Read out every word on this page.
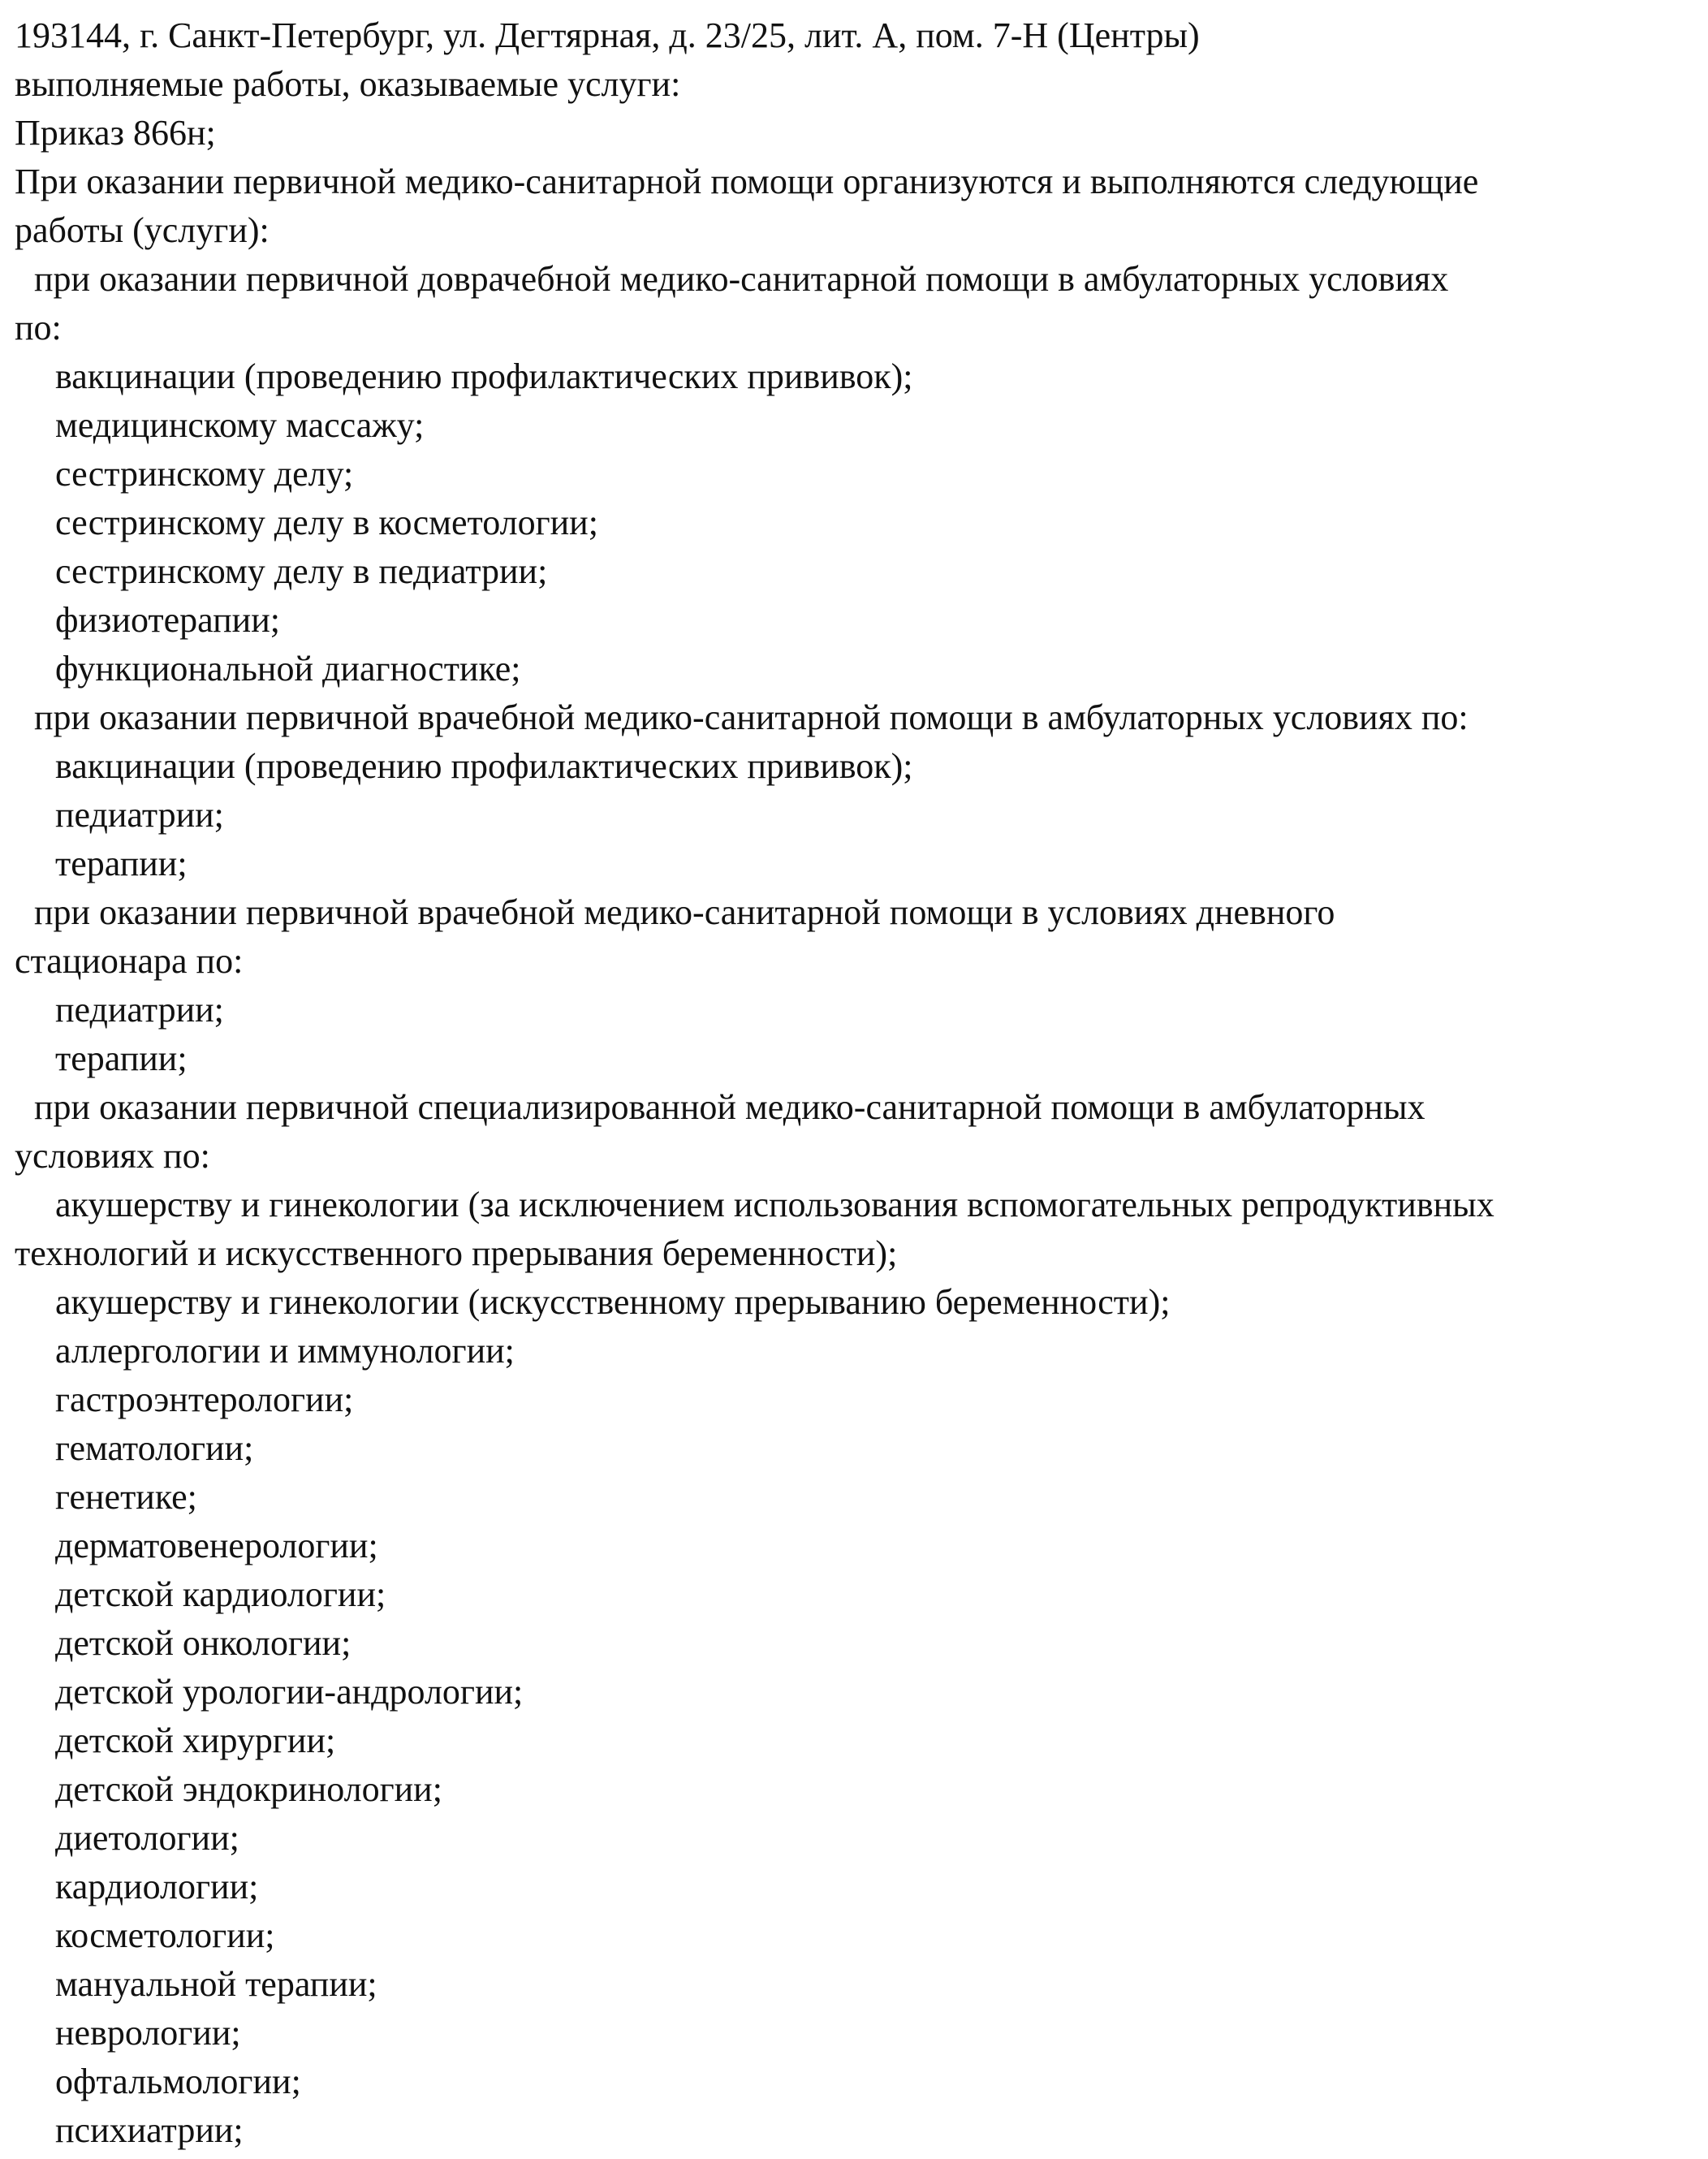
193144, г. Санкт-Петербург, ул. Дегтярная, д. 23/25, лит. А, пом. 7-Н (Центры)

выполняемые работы, оказываемые услуги:

Приказ 866н;

При оказании первичной медико-санитарной помощи организуются и выполняются следующие

работы (услуги):

при оказании первичной доврачебной медико-санитарной помощи в амбулаторных условиях

по:

вакцинации (проведению профилактических прививок);

медицинскому массажу;

сестринскому делу;

сестринскому делу в косметологии;

сестринскому делу в педиатрии;

физиотерапии;

функциональной диагностике;

при оказании первичной врачебной медико-санитарной помощи в амбулаторных условиях по:

вакцинации (проведению профилактических прививок);

педиатрии;

терапии;

при оказании первичной врачебной медико-санитарной помощи в условиях дневного

стационара по:

педиатрии;

терапии;

при оказании первичной специализированной медико-санитарной помощи в амбулаторных

условиях по:

акушерству и гинекологии (за исключением использования вспомогательных репродуктивных

технологий и искусственного прерывания беременности);

акушерству и гинекологии (искусственному прерыванию беременности);

аллергологии и иммунологии;

гастроэнтерологии;

гематологии;

генетике;

дерматовенерологии;

детской кардиологии;

детской онкологии;

детской урологии-андрологии;

детской хирургии;

детской эндокринологии;

диетологии;

кардиологии;

косметологии;

мануальной терапии;

неврологии;

офтальмологии;

психиатрии;
